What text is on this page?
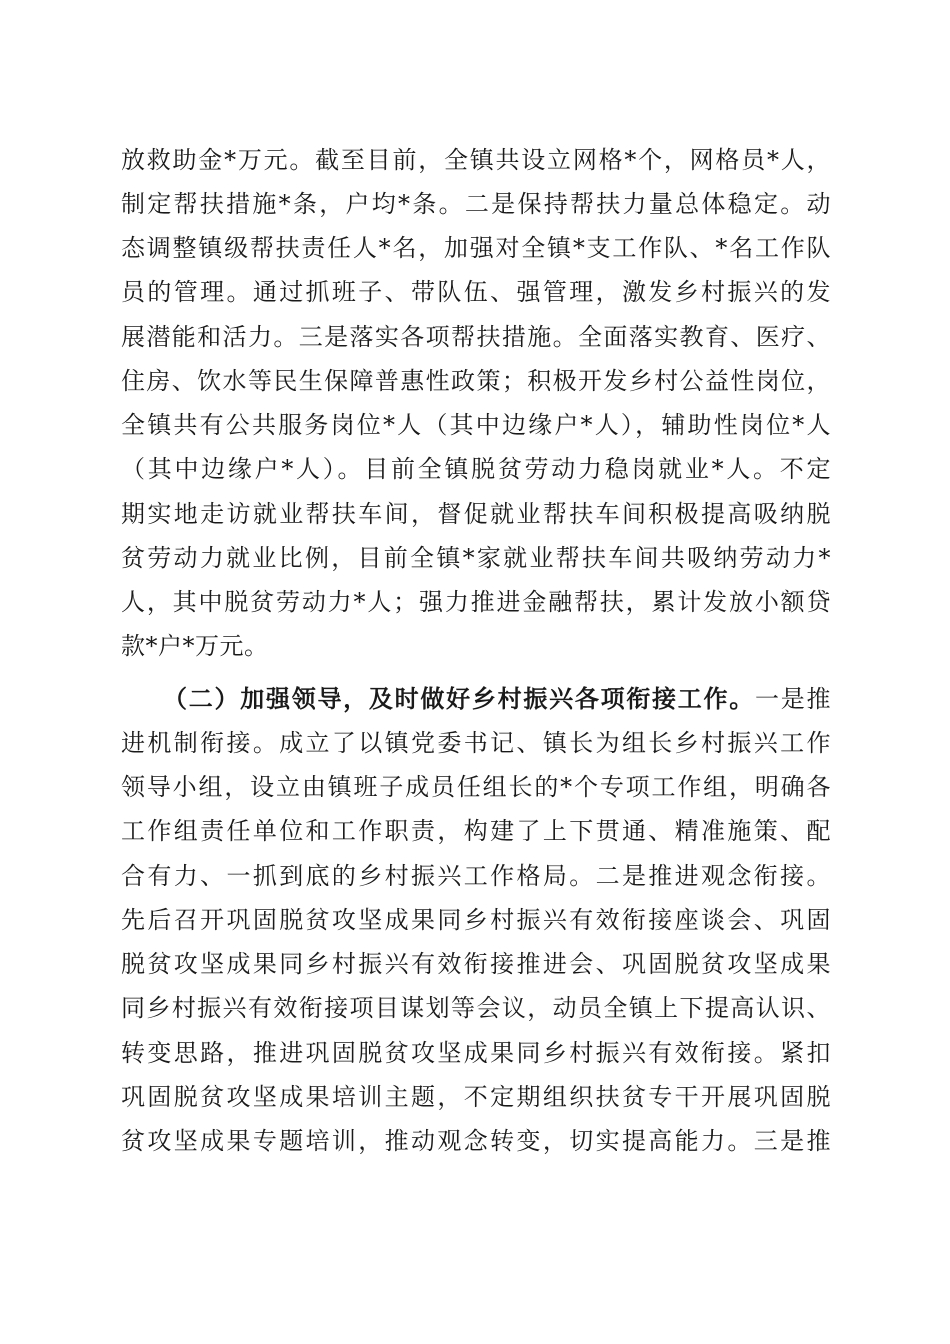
放救助金*万元。截至目前，全镇共设立网格*个，网格员*人，
制定帮扶措施*条，户均*条。二是保持帮扶力量总体稳定。动
态调整镇级帮扶责任人*名，加强对全镇*支工作队、*名工作队
员的管理。通过抓班子、带队伍、强管理，激发乡村振兴的发
展潜能和活力。三是落实各项帮扶措施。全面落实教育、医疗、
住房、饮水等民生保障普惠性政策；积极开发乡村公益性岗位，
全镇共有公共服务岗位*人（其中边缘户*人），辅助性岗位*人
（其中边缘户*人）。目前全镇脱贫劳动力稳岗就业*人。不定
期实地走访就业帮扶车间，督促就业帮扶车间积极提高吸纳脱
贫劳动力就业比例，目前全镇*家就业帮扶车间共吸纳劳动力*
人，其中脱贫劳动力*人；强力推进金融帮扶，累计发放小额贷
款*户*万元。
（二）加强领导，及时做好乡村振兴各项衔接工作。一是推
进机制衔接。成立了以镇党委书记、镇长为组长乡村振兴工作
领导小组，设立由镇班子成员任组长的*个专项工作组，明确各
工作组责任单位和工作职责，构建了上下贯通、精准施策、配
合有力、一抓到底的乡村振兴工作格局。二是推进观念衔接。
先后召开巩固脱贫攻坚成果同乡村振兴有效衔接座谈会、巩固
脱贫攻坚成果同乡村振兴有效衔接推进会、巩固脱贫攻坚成果
同乡村振兴有效衔接项目谋划等会议，动员全镇上下提高认识、
转变思路，推进巩固脱贫攻坚成果同乡村振兴有效衔接。紧扣
巩固脱贫攻坚成果培训主题，不定期组织扶贫专干开展巩固脱
贫攻坚成果专题培训，推动观念转变，切实提高能力。三是推
